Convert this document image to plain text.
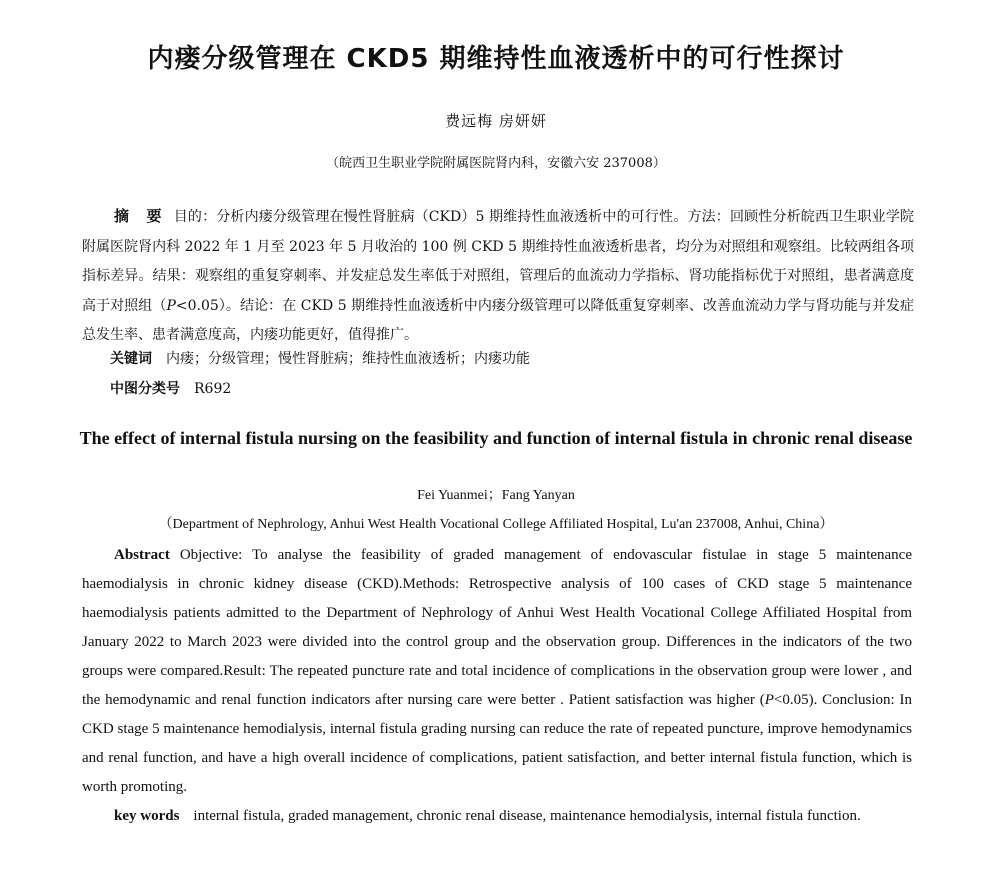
内瘘分级管理在 CKD5 期维持性血液透析中的可行性探讨
费远梅 房妍妍
（皖西卫生职业学院附属医院肾内科，安徽六安 237008）
摘 要 目的：分析内瘘分级管理在慢性肾脏病（CKD）5 期维持性血液透析中的可行性。方法：回顾性分析皖西卫生职业学院附属医院肾内科 2022 年 1 月至 2023 年 5 月收治的 100 例 CKD 5 期维持性血液透析患者，均分为对照组和观察组。比较两组各项指标差异。结果：观察组的重复穿刺率、并发症总发生率低于对照组，管理后的血流动力学指标、肾功能指标优于对照组，患者满意度高于对照组（P<0.05）。结论：在 CKD 5 期维持性血液透析中内瘘分级管理可以降低重复穿刺率、改善血流动力学与肾功能与并发症总发生率、患者满意度高，内瘘功能更好，值得推广。
关键词 内瘘；分级管理；慢性肾脏病；维持性血液透析；内瘘功能
中图分类号 R692
The effect of internal fistula nursing on the feasibility and function of internal fistula in chronic renal disease
Fei Yuanmei；Fang Yanyan
（Department of Nephrology, Anhui West Health Vocational College Affiliated Hospital, Lu'an 237008, Anhui, China）
Abstract Objective: To analyse the feasibility of graded management of endovascular fistulae in stage 5 maintenance haemodialysis in chronic kidney disease (CKD).Methods: Retrospective analysis of 100 cases of CKD stage 5 maintenance haemodialysis patients admitted to the Department of Nephrology of Anhui West Health Vocational College Affiliated Hospital from January 2022 to March 2023 were divided into the control group and the observation group. Differences in the indicators of the two groups were compared.Result: The repeated puncture rate and total incidence of complications in the observation group were lower , and the hemodynamic and renal function indicators after nursing care were better . Patient satisfaction was higher (P<0.05). Conclusion: In CKD stage 5 maintenance hemodialysis, internal fistula grading nursing can reduce the rate of repeated puncture, improve hemodynamics and renal function, and have a high overall incidence of complications, patient satisfaction, and better internal fistula function, which is worth promoting.
key words internal fistula, graded management, chronic renal disease, maintenance hemodialysis, internal fistula function.
